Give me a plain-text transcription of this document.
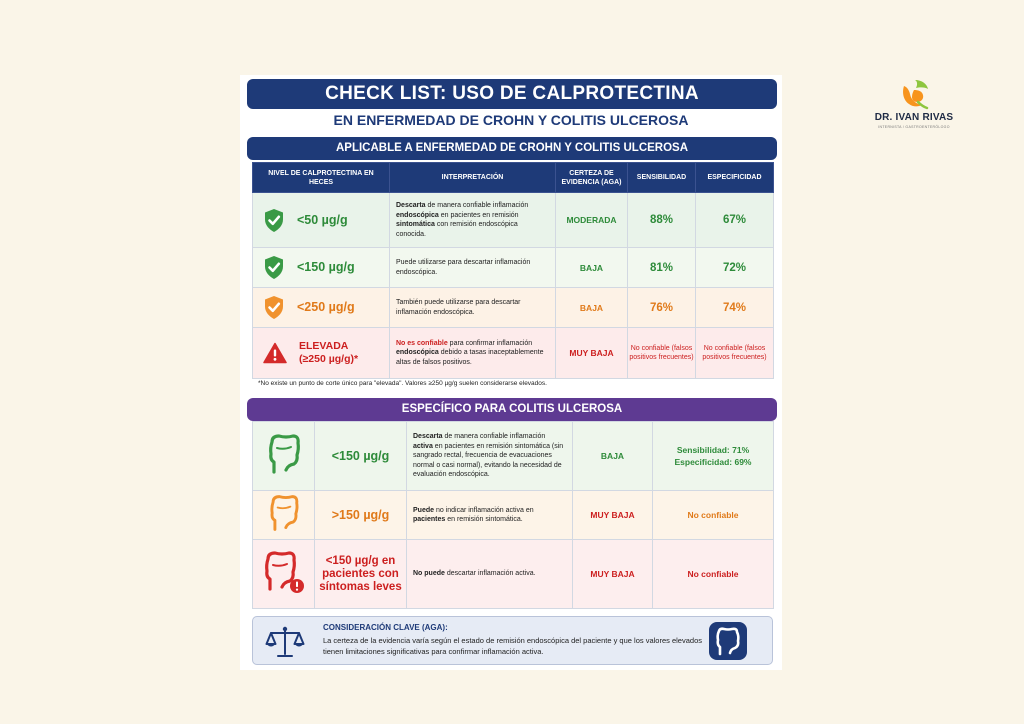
CHECK LIST: USO DE CALPROTECTINA
EN ENFERMEDAD DE CROHN Y COLITIS ULCEROSA
APLICABLE A ENFERMEDAD DE CROHN Y COLITIS ULCEROSA
NIVEL DE CALPROTECTINA EN HECES	INTERPRETACIÓN	CERTEZA DE EVIDENCIA (AGA)	SENSIBILIDAD	ESPECIFICIDAD

<50 µg/g	Descarta de manera confiable inflamación endoscópica en pacientes en remisión sintomática con remisión endoscópica conocida.	MODERADA	88%	67%

<150 µg/g	Puede utilizarse para descartar inflamación endoscópica.	BAJA	81%	72%

<250 µg/g	También puede utilizarse para descartar inflamación endoscópica.	BAJA	76%	74%

ELEVADA
(≥250 µg/g)*	No es confiable para confirmar inflamación endoscópica debido a tasas inaceptablemente altas de falsos positivos.	MUY BAJA	No confiable (falsos positivos frecuentes)	No confiable (falsos positivos frecuentes)
*No existe un punto de corte único para "elevada". Valores ≥250 µg/g suelen considerarse elevados.
ESPECÍFICO PARA COLITIS ULCEROSA
	<150 µg/g	Descarta de manera confiable inflamación activa en pacientes en remisión sintomática (sin sangrado rectal, frecuencia de evacuaciones normal o casi normal), evitando la necesidad de evaluación endoscópica.	BAJA	Sensibilidad: 71%
Especificidad: 69%
	>150 µg/g	Puede no indicar inflamación activa en pacientes en remisión sintomática.	MUY BAJA	No confiable
	<150 µg/g en pacientes con síntomas leves	No puede descartar inflamación activa.	MUY BAJA	No confiable
CONSIDERACIÓN CLAVE (AGA):
La certeza de la evidencia varía según el estado de remisión endoscópica del paciente y que los valores elevados tienen limitaciones significativas para confirmar inflamación activa.
DR. IVAN RIVAS
INTERNISTA / GASTROENTERÓLOGO
